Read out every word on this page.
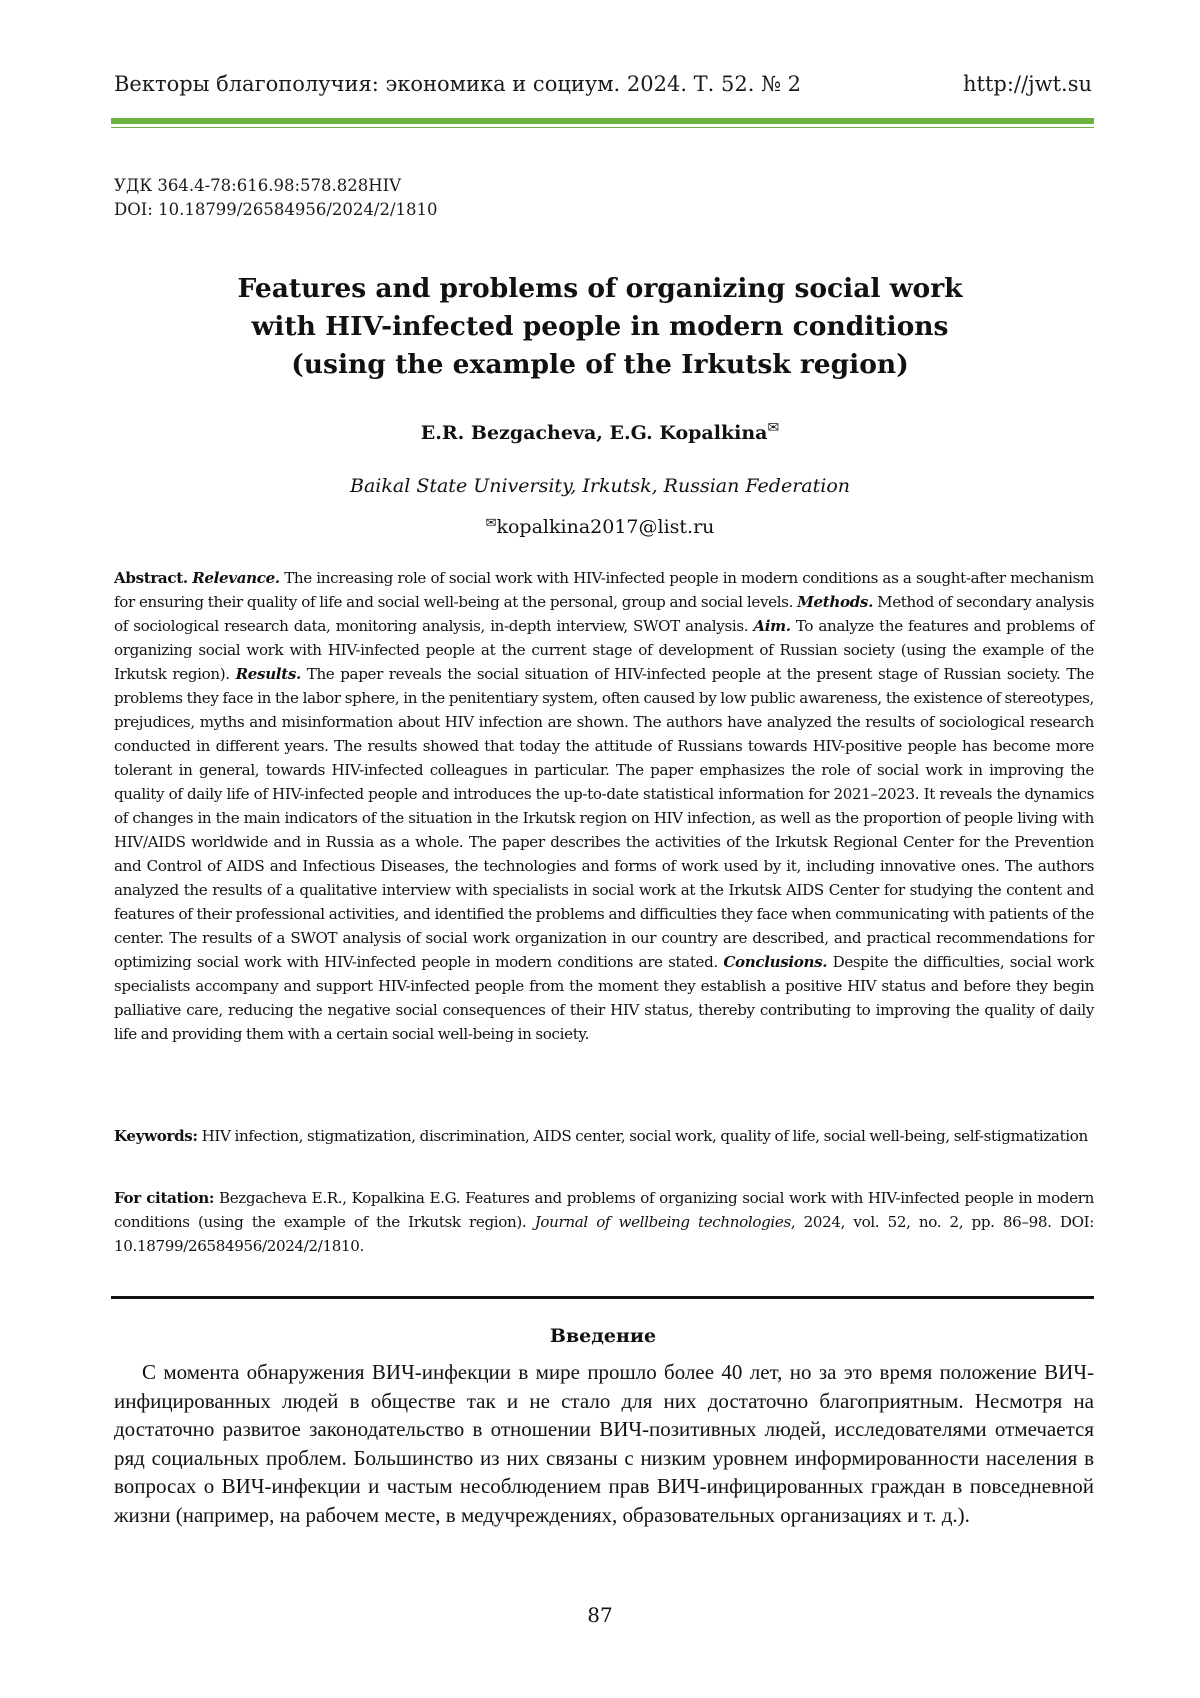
Векторы благополучия: экономика и социум. 2024. Т. 52. № 2	http://jwt.su
УДК 364.4-78:616.98:578.828HIV
DOI: 10.18799/26584956/2024/2/1810
Features and problems of organizing social work
with HIV-infected people in modern conditions
(using the example of the Irkutsk region)
E.R. Bezgacheva, E.G. Kopalkina✉
Baikal State University, Irkutsk, Russian Federation
✉kopalkina2017@list.ru
Abstract. Relevance. The increasing role of social work with HIV-infected people in modern conditions as a sought-after mechanism for ensuring their quality of life and social well-being at the personal, group and social levels. Methods. Method of secondary analysis of sociological research data, monitoring analysis, in-depth interview, SWOT analysis. Aim. To analyze the features and problems of organizing social work with HIV-infected people at the current stage of development of Russian society (using the example of the Irkutsk region). Results. The paper reveals the social situation of HIV-infected people at the present stage of Russian society. The problems they face in the labor sphere, in the penitentiary system, often caused by low public awareness, the existence of stereotypes, prejudices, myths and misinformation about HIV infection are shown. The authors have analyzed the results of sociological research conducted in different years. The results showed that today the attitude of Russians towards HIV-positive people has become more tolerant in general, towards HIV-infected colleagues in particular. The paper emphasizes the role of social work in improving the quality of daily life of HIV-infected people and introduces the up-to-date statistical information for 2021–2023. It reveals the dynamics of changes in the main indicators of the situation in the Irkutsk region on HIV infection, as well as the proportion of people living with HIV/AIDS worldwide and in Russia as a whole. The paper describes the activities of the Irkutsk Regional Center for the Prevention and Control of AIDS and Infectious Diseases, the technologies and forms of work used by it, including innovative ones. The authors analyzed the results of a qualitative interview with specialists in social work at the Irkutsk AIDS Center for studying the content and features of their professional activities, and identified the problems and difficulties they face when communicating with patients of the center. The results of a SWOT analysis of social work organization in our country are described, and practical recommendations for optimizing social work with HIV-infected people in modern conditions are stated. Conclusions. Despite the difficulties, social work specialists accompany and support HIV-infected people from the moment they establish a positive HIV status and before they begin palliative care, reducing the negative social consequences of their HIV status, thereby contributing to improving the quality of daily life and providing them with a certain social well-being in society.
Keywords: HIV infection, stigmatization, discrimination, AIDS center, social work, quality of life, social well-being, self-stigmatization
For citation: Bezgacheva E.R., Kopalkina E.G. Features and problems of organizing social work with HIV-infected people in modern conditions (using the example of the Irkutsk region). Journal of wellbeing technologies, 2024, vol. 52, no. 2, pp. 86–98. DOI: 10.18799/26584956/2024/2/1810.
Введение

С момента обнаружения ВИЧ-инфекции в мире прошло более 40 лет, но за это время положение ВИЧ-инфицированных людей в обществе так и не стало для них достаточно благоприятным. Несмотря на достаточно развитое законодательство в отношении ВИЧ-позитивных людей, исследователями отмечается ряд социальных проблем. Большинство из них связаны с низким уровнем информированности населения в вопросах о ВИЧ-инфекции и частым несоблюдением прав ВИЧ-инфицированных граждан в повседневной жизни (например, на рабочем месте, в медучреждениях, образовательных организациях и т. д.).

87
